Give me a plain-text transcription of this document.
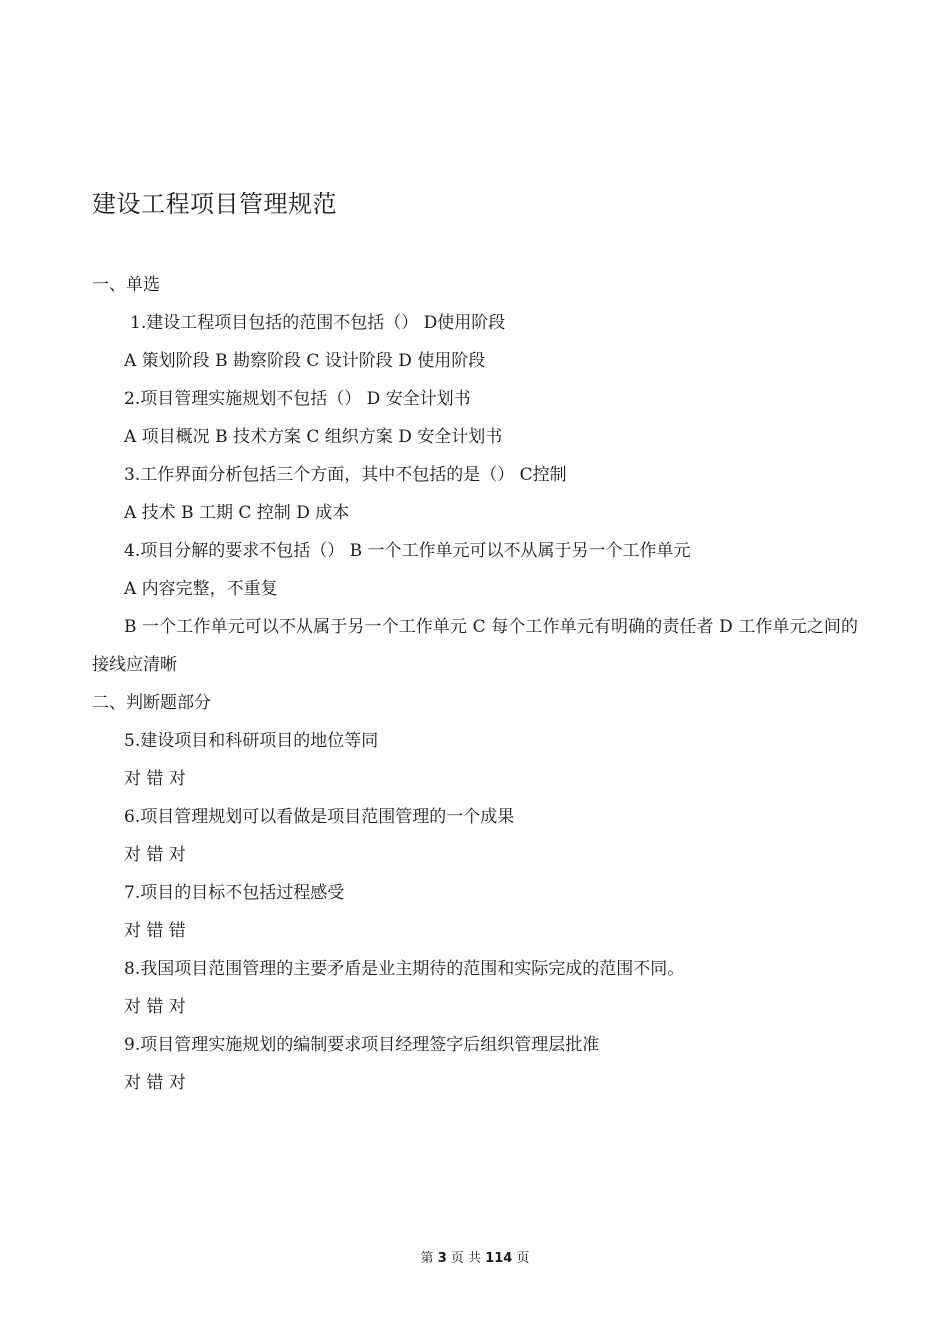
建设工程项目管理规范
一、单选
1.建设工程项目包括的范围不包括（） D使用阶段
A 策划阶段 B 勘察阶段 C 设计阶段 D 使用阶段
2.项目管理实施规划不包括（） D 安全计划书
A 项目概况 B 技术方案 C 组织方案 D 安全计划书
3.工作界面分析包括三个方面，其中不包括的是（） C控制
A 技术 B 工期 C 控制 D 成本
4.项目分解的要求不包括（） B 一个工作单元可以不从属于另一个工作单元
A 内容完整，不重复
B 一个工作单元可以不从属于另一个工作单元 C 每个工作单元有明确的责任者 D 工作单元之间的接线应清晰
二、判断题部分
5.建设项目和科研项目的地位等同
对 错 对
6.项目管理规划可以看做是项目范围管理的一个成果
对 错 对
7.项目的目标不包括过程感受
对 错 错
8.我国项目范围管理的主要矛盾是业主期待的范围和实际完成的范围不同。
对 错 对
9.项目管理实施规划的编制要求项目经理签字后组织管理层批准
对 错 对
第 3 页 共 114 页
